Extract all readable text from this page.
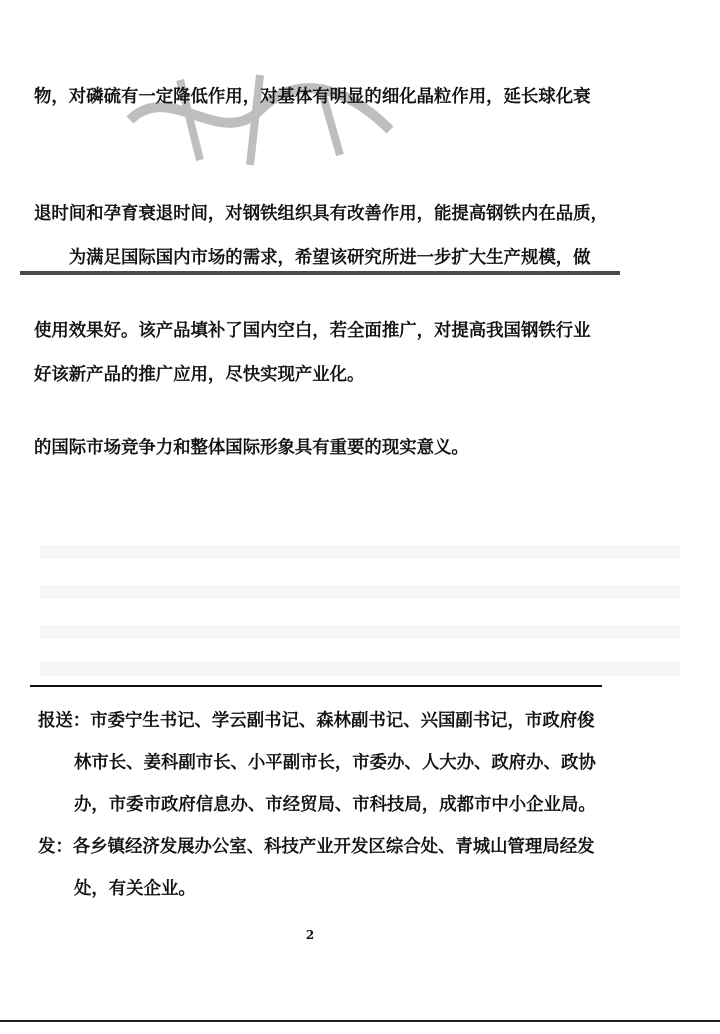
物，对磷硫有一定降低作用，对基体有明显的细化晶粒作用，延长球化衰

退时间和孕育衰退时间，对钢铁组织具有改善作用，能提高钢铁内在品质，

使用效果好。该产品填补了国内空白，若全面推广，对提高我国钢铁行业

的国际市场竞争力和整体国际形象具有重要的现实意义。

　　为满足国际国内市场的需求，希望该研究所进一步扩大生产规模，做

好该新产品的推广应用，尽快实现产业化。

报送：市委宁生书记、学云副书记、森林副书记、兴国副书记，市政府俊
林市长、姜科副市长、小平副市长，市委办、人大办、政府办、政协
办，市委市政府信息办、市经贸局、市科技局，成都市中小企业局。
发：各乡镇经济发展办公室、科技产业开发区综合处、青城山管理局经发
处，有关企业。
2
